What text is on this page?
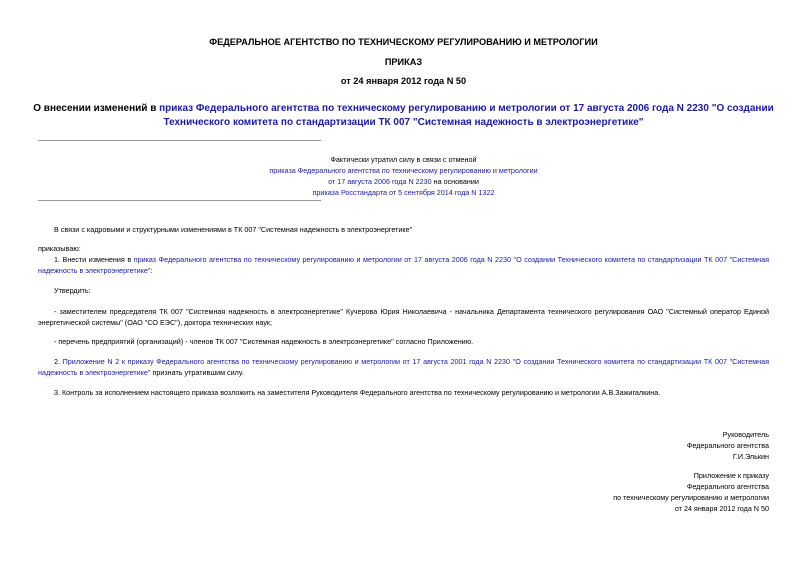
ФЕДЕРАЛЬНОЕ АГЕНТСТВО ПО ТЕХНИЧЕСКОМУ РЕГУЛИРОВАНИЮ И МЕТРОЛОГИИ
ПРИКАЗ
от 24 января 2012 года N 50
О внесении изменений в приказ Федерального агентства по техническому регулированию и метрологии от 17 августа 2006 года N 2230 "О создании Технического комитета по стандартизации ТК 007 "Системная надежность в электроэнергетике"
Фактически утратил силу в связи с отменой
приказа Федерального агентства по техническому регулированию и метрологии
от 17 августа 2006 года N 2230 на основании
приказа Росстандарта от 5 сентября 2014 года N 1322
В связи с кадровыми и структурными изменениями в ТК 007 "Системная надежность в электроэнергетике"
приказываю:
1. Внести изменения в приказ Федерального агентства по техническому регулированию и метрологии от 17 августа 2006 года N 2230 "О создании Технического комитета по стандартизации ТК 007 "Системная надежность в электроэнергетике":
Утвердить:
- заместителем председателя ТК 007 "Системная надежность в электроэнергетике" Кучерова Юрия Николаевича - начальника Департамента технического регулирования ОАО "Системный оператор Единой энергетической системы" (ОАО "СО ЕЭС"), доктора технических наук;
- перечень предприятий (организаций) - членов ТК 007 "Системная надежность в электроэнергетике" согласно Приложению.
2. Приложение N 2 к приказу Федерального агентства по техническому регулированию и метрологии от 17 августа 2001 года N 2230 "О создании Технического комитета по стандартизации ТК 007 "Системная надежность в электроэнергетике" признать утратившим силу.
3. Контроль за исполнением настоящего приказа возложить на заместителя Руководителя Федерального агентства по техническому регулированию и метрологии А.В.Зажигалкина.
Руководитель
Федерального агентства
Г.И.Элькин
Приложение к приказу
Федерального агентства
по техническому регулированию и метрологии
от 24 января 2012 года N 50
